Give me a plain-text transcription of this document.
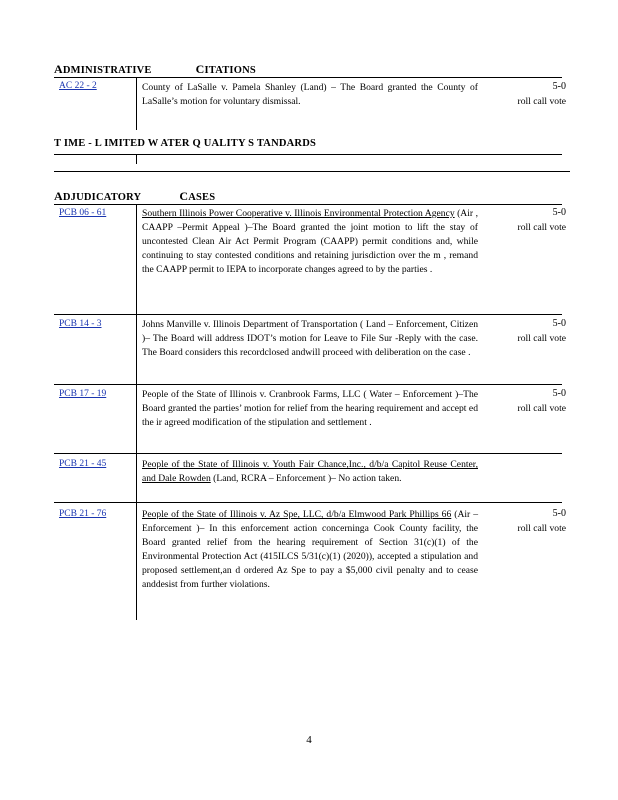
ADMINISTRATIVE	CITATIONS
AC 22 - 2	County of LaSalle v. Pamela Shanley (Land) – The Board granted the County of LaSalle’s motion for voluntary dismissal.
5-0
roll call vote
T IME - L IMITED W ATER Q UALITY S TANDARDS
ADJUDICATORY	CASES
PCB 06 - 61	Southern Illinois Power Cooperative v. Illinois Environmental Protection Agency (Air , CAAPP –Permit Appeal )–The Board granted the joint motion to lift the stay of uncontested Clean Air Act Permit Program (CAAPP) permit conditions and, while continuing to stay contested conditions and retaining jurisdiction over the m , remand the CAAPP permit to IEPA to incorporate changes agreed to by the parties .
5-0
roll call vote
PCB 14 - 3	Johns Manville v. Illinois Department of Transportation ( Land – Enforcement, Citizen )– The Board will address IDOT’s motion for Leave to File Sur -Reply with the case. The Board considers this recordclosed andwill proceed with deliberation on the case .
5-0
roll call vote
PCB 17 - 19	People of the State of Illinois v. Cranbrook Farms, LLC ( Water – Enforcement )–The Board granted the parties’ motion for relief from the hearing requirement and accept ed the ir agreed modification of the stipulation and settlement .
5-0
roll call vote
PCB 21 - 45	People of the State of Illinois v. Youth Fair Chance,Inc., d/b/a Capitol Reuse Center, and Dale Rowden (Land, RCRA – Enforcement )– No action taken.
PCB 21 - 76	People of the State of Illinois v. Az Spe, LLC, d/b/a Elmwood Park Phillips 66 (Air –Enforcement )– In this enforcement action concerninga Cook County facility, the Board granted relief from the hearing requirement of Section 31(c)(1) of the Environmental Protection Act (415ILCS 5/31(c)(1) (2020)), accepted a stipulation and proposed settlement,an d ordered Az Spe to pay a $5,000 civil penalty and to cease anddesist from further violations.
5-0
roll call vote
4
